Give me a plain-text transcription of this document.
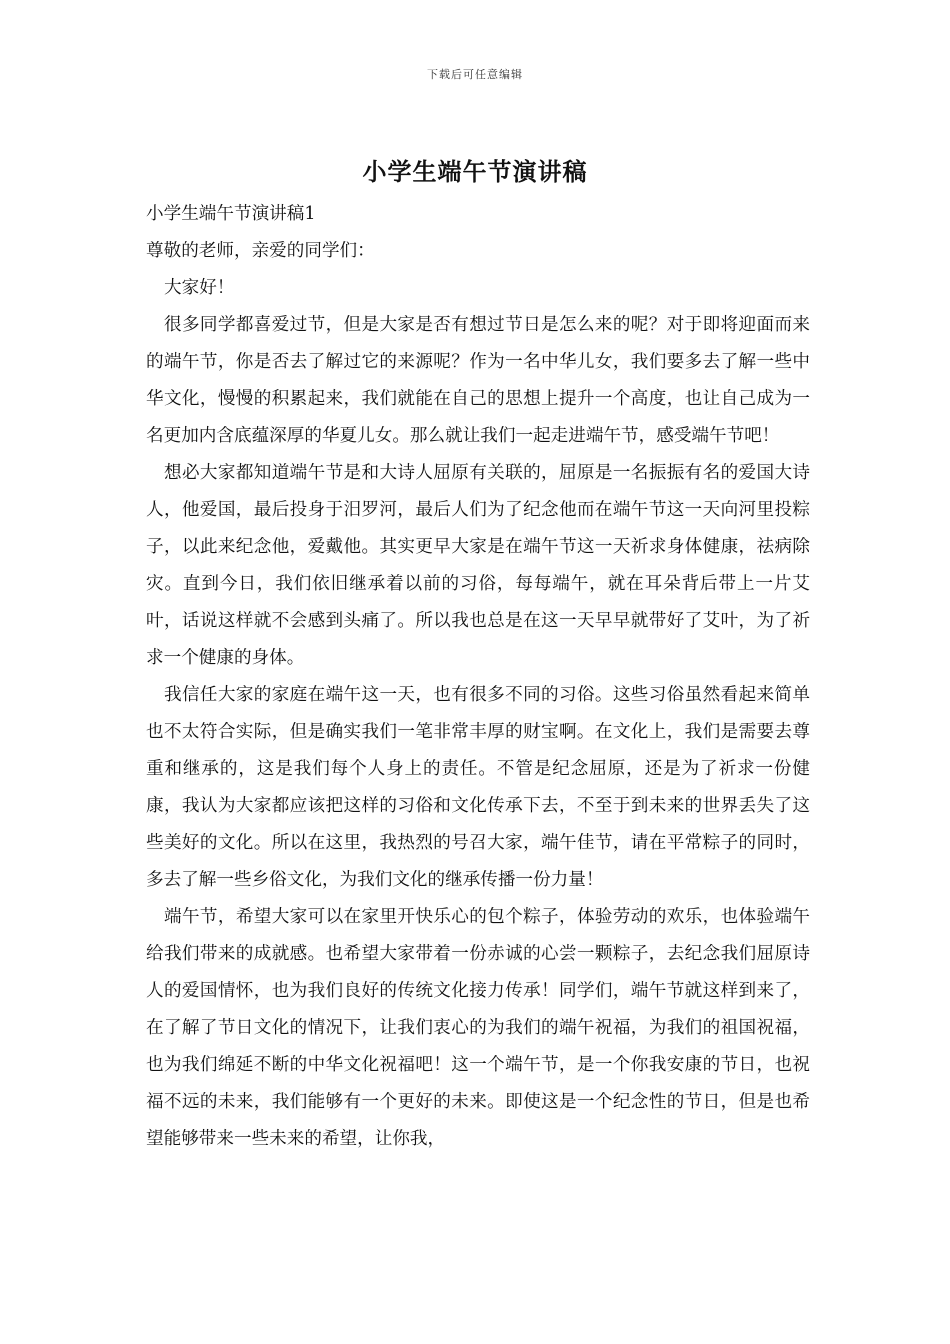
下载后可任意编辑
小学生端午节演讲稿

小学生端午节演讲稿1

尊敬的老师，亲爱的同学们：

大家好！

很多同学都喜爱过节，但是大家是否有想过节日是怎么来的呢？对于即将迎面而来的端午节，你是否去了解过它的来源呢？作为一名中华儿女，我们要多去了解一些中华文化，慢慢的积累起来，我们就能在自己的思想上提升一个高度，也让自己成为一名更加内含底蕴深厚的华夏儿女。那么就让我们一起走进端午节，感受端午节吧！

想必大家都知道端午节是和大诗人屈原有关联的，屈原是一名振振有名的爱国大诗人，他爱国，最后投身于汨罗河，最后人们为了纪念他而在端午节这一天向河里投粽子，以此来纪念他，爱戴他。其实更早大家是在端午节这一天祈求身体健康，祛病除灾。直到今日，我们依旧继承着以前的习俗，每每端午，就在耳朵背后带上一片艾叶，话说这样就不会感到头痛了。所以我也总是在这一天早早就带好了艾叶，为了祈求一个健康的身体。

我信任大家的家庭在端午这一天，也有很多不同的习俗。这些习俗虽然看起来简单也不太符合实际，但是确实我们一笔非常丰厚的财宝啊。在文化上，我们是需要去尊重和继承的，这是我们每个人身上的责任。不管是纪念屈原，还是为了祈求一份健康，我认为大家都应该把这样的习俗和文化传承下去，不至于到未来的世界丢失了这些美好的文化。所以在这里，我热烈的号召大家，端午佳节，请在平常粽子的同时，多去了解一些乡俗文化，为我们文化的继承传播一份力量！

端午节，希望大家可以在家里开快乐心的包个粽子，体验劳动的欢乐，也体验端午给我们带来的成就感。也希望大家带着一份赤诚的心尝一颗粽子，去纪念我们屈原诗人的爱国情怀，也为我们良好的传统文化接力传承！同学们，端午节就这样到来了，在了解了节日文化的情况下，让我们衷心的为我们的端午祝福，为我们的祖国祝福，也为我们绵延不断的中华文化祝福吧！这一个端午节，是一个你我安康的节日，也祝福不远的未来，我们能够有一个更好的未来。即使这是一个纪念性的节日，但是也希望能够带来一些未来的希望，让你我，
